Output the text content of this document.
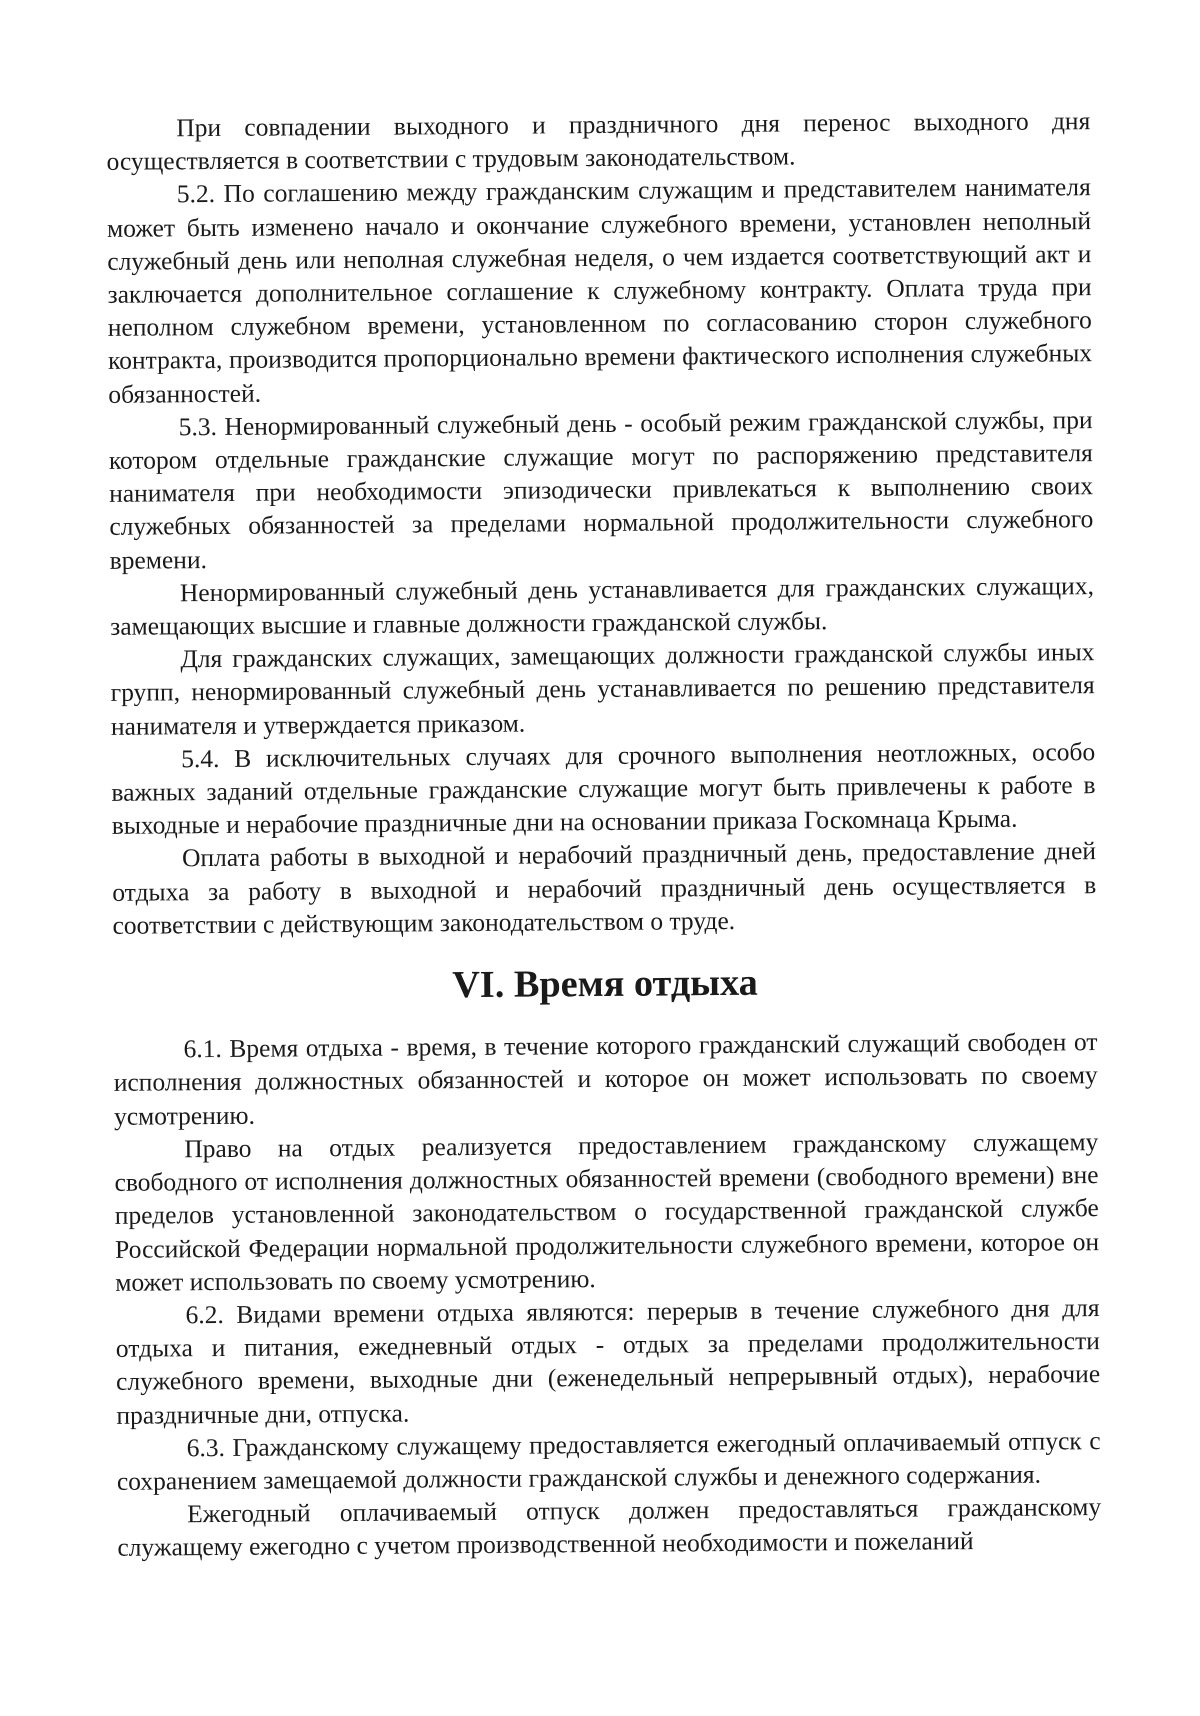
При совпадении выходного и праздничного дня перенос выходного дня осуществляется в соответствии с трудовым законодательством.

5.2. По соглашению между гражданским служащим и представителем нанимателя может быть изменено начало и окончание служебного времени, установлен неполный служебный день или неполная служебная неделя, о чем издается соответствующий акт и заключается дополнительное соглашение к служебному контракту. Оплата труда при неполном служебном времени, установленном по согласованию сторон служебного контракта, производится пропорционально времени фактического исполнения служебных обязанностей.

5.3. Ненормированный служебный день - особый режим гражданской службы, при котором отдельные гражданские служащие могут по распоряжению представителя нанимателя при необходимости эпизодически привлекаться к выполнению своих служебных обязанностей за пределами нормальной продолжительности служебного времени.

Ненормированный служебный день устанавливается для гражданских служащих, замещающих высшие и главные должности гражданской службы.

Для гражданских служащих, замещающих должности гражданской службы иных групп, ненормированный служебный день устанавливается по решению представителя нанимателя и утверждается приказом.

5.4. В исключительных случаях для срочного выполнения неотложных, особо важных заданий отдельные гражданские служащие могут быть привлечены к работе в выходные и нерабочие праздничные дни на основании приказа Госкомнаца Крыма.

Оплата работы в выходной и нерабочий праздничный день, предоставление дней отдыха за работу в выходной и нерабочий праздничный день осуществляется в соответствии с действующим законодательством о труде.

VI. Время отдыха

6.1. Время отдыха - время, в течение которого гражданский служащий свободен от исполнения должностных обязанностей и которое он может использовать по своему усмотрению.

Право на отдых реализуется предоставлением гражданскому служащему свободного от исполнения должностных обязанностей времени (свободного времени) вне пределов установленной законодательством о государственной гражданской службе Российской Федерации нормальной продолжительности служебного времени, которое он может использовать по своему усмотрению.

6.2. Видами времени отдыха являются: перерыв в течение служебного дня для отдыха и питания, ежедневный отдых - отдых за пределами продолжительности служебного времени, выходные дни (еженедельный непрерывный отдых), нерабочие праздничные дни, отпуска.

6.3. Гражданскому служащему предоставляется ежегодный оплачиваемый отпуск с сохранением замещаемой должности гражданской службы и денежного содержания.

Ежегодный оплачиваемый отпуск должен предоставляться гражданскому служащему ежегодно с учетом производственной необходимости и пожеланий
